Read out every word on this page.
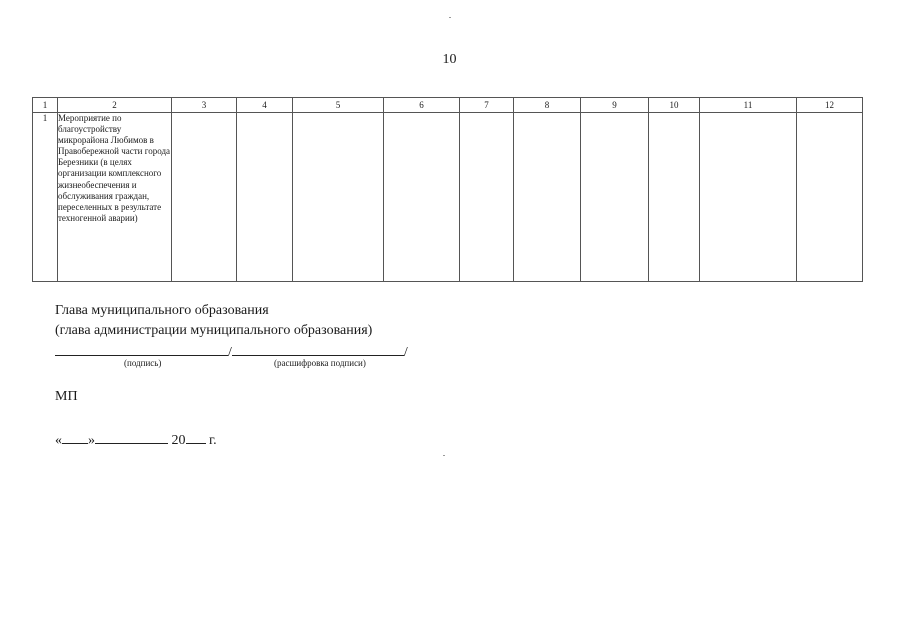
10
1	2	3	4	5	6	7	8	9	10	11	12
1	Мероприятие по благоустройству микрорайона Любимов в Правобережной части города Березники (в целях организации комплексного жизнеобеспечения и обслуживания граждан, переселенных в результате техногенной аварии)										
Глава муниципального образования
(глава администрации муниципального образования)
/	/
(подпись)	(расшифровка подписи)
МП
« »	20 г.
